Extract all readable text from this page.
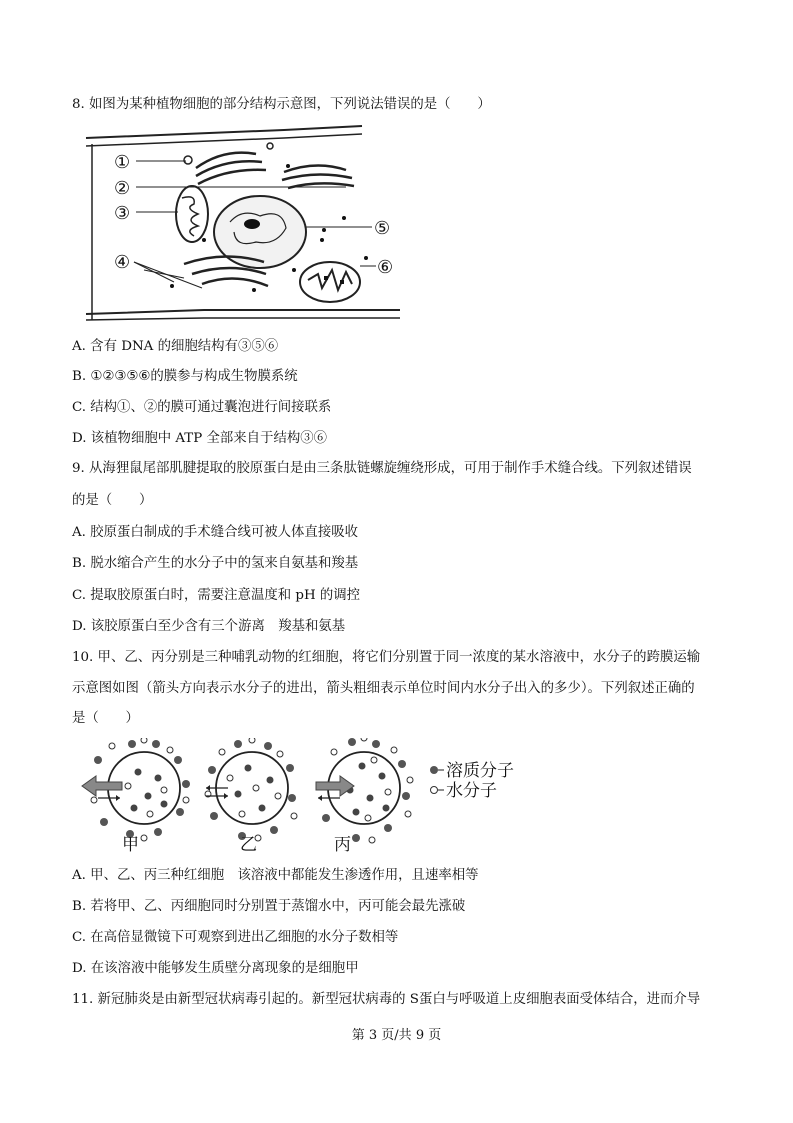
8. 如图为某种植物细胞的部分结构示意图，下列说法错误的是（　　）
①
②
③
④
⑤
⑥
A. 含有 DNA 的细胞结构有③⑤⑥
B. ①②③⑤⑥的膜参与构成生物膜系统
C. 结构①、②的膜可通过囊泡进行间接联系
D. 该植物细胞中 ATP 全部来自于结构③⑥
9. 从海狸鼠尾部肌腱提取的胶原蛋白是由三条肽链螺旋缠绕形成，可用于制作手术缝合线。下列叙述错误
的是（　　）
A. 胶原蛋白制成的手术缝合线可被人体直接吸收
B. 脱水缩合产生的水分子中的氢来自氨基和羧基
C. 提取胶原蛋白时，需要注意温度和 pH 的调控
D. 该胶原蛋白至少含有三个游离　羧基和氨基
10. 甲、乙、丙分别是三种哺乳动物的红细胞，将它们分别置于同一浓度的某水溶液中，水分子的跨膜运输
示意图如图（箭头方向表示水分子的进出，箭头粗细表示单位时间内水分子出入的多少）。下列叙述正确的
是（　　）
溶质分子
水分子
甲	乙	丙
A. 甲、乙、丙三种红细胞　该溶液中都能发生渗透作用，且速率相等
B. 若将甲、乙、丙细胞同时分别置于蒸馏水中，丙可能会最先涨破
C. 在高倍显微镜下可观察到进出乙细胞的水分子数相等
D. 在该溶液中能够发生质壁分离现象的是细胞甲
11. 新冠肺炎是由新型冠状病毒引起的。新型冠状病毒的 S蛋白与呼吸道上皮细胞表面受体结合，进而介导
第 3 页/共 9 页
